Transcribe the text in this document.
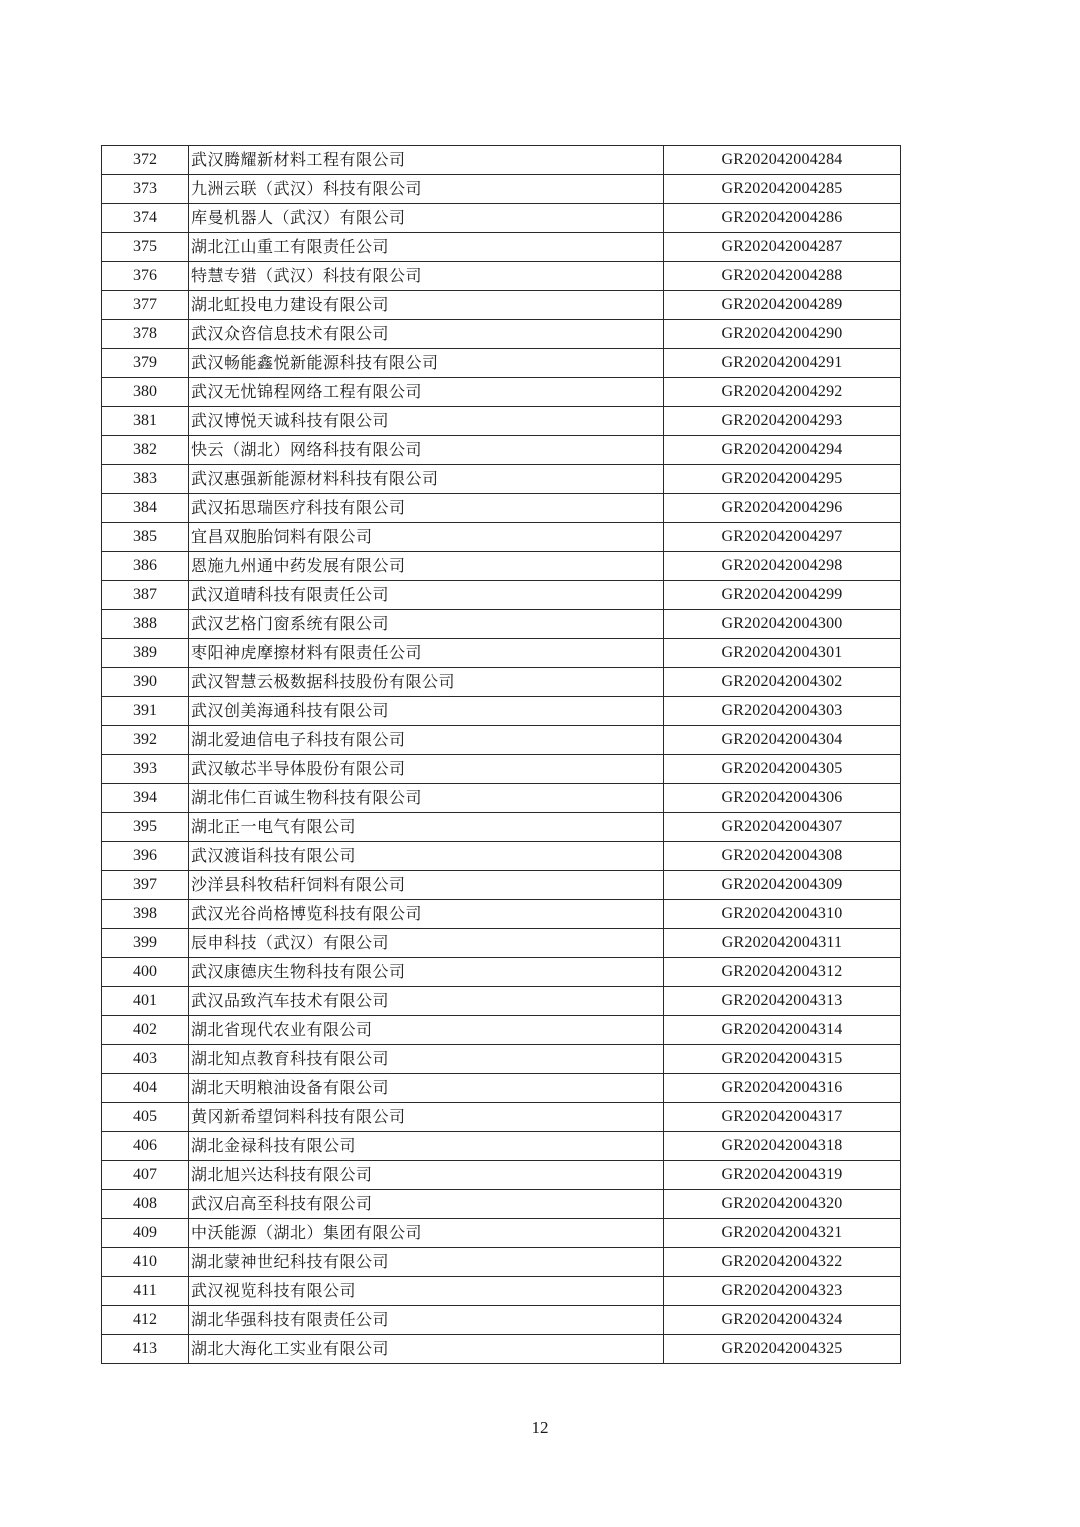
372	武汉腾耀新材料工程有限公司	GR202042004284
373	九洲云联（武汉）科技有限公司	GR202042004285
374	库曼机器人（武汉）有限公司	GR202042004286
375	湖北江山重工有限责任公司	GR202042004287
376	特慧专猎（武汉）科技有限公司	GR202042004288
377	湖北虹投电力建设有限公司	GR202042004289
378	武汉众咨信息技术有限公司	GR202042004290
379	武汉畅能鑫悦新能源科技有限公司	GR202042004291
380	武汉无忧锦程网络工程有限公司	GR202042004292
381	武汉博悦天诚科技有限公司	GR202042004293
382	快云（湖北）网络科技有限公司	GR202042004294
383	武汉惠强新能源材料科技有限公司	GR202042004295
384	武汉拓思瑞医疗科技有限公司	GR202042004296
385	宜昌双胞胎饲料有限公司	GR202042004297
386	恩施九州通中药发展有限公司	GR202042004298
387	武汉道晴科技有限责任公司	GR202042004299
388	武汉艺格门窗系统有限公司	GR202042004300
389	枣阳神虎摩擦材料有限责任公司	GR202042004301
390	武汉智慧云极数据科技股份有限公司	GR202042004302
391	武汉创美海通科技有限公司	GR202042004303
392	湖北爱迪信电子科技有限公司	GR202042004304
393	武汉敏芯半导体股份有限公司	GR202042004305
394	湖北伟仁百诚生物科技有限公司	GR202042004306
395	湖北正一电气有限公司	GR202042004307
396	武汉渡诣科技有限公司	GR202042004308
397	沙洋县科牧秸秆饲料有限公司	GR202042004309
398	武汉光谷尚格博览科技有限公司	GR202042004310
399	辰申科技（武汉）有限公司	GR202042004311
400	武汉康德庆生物科技有限公司	GR202042004312
401	武汉品致汽车技术有限公司	GR202042004313
402	湖北省现代农业有限公司	GR202042004314
403	湖北知点教育科技有限公司	GR202042004315
404	湖北天明粮油设备有限公司	GR202042004316
405	黄冈新希望饲料科技有限公司	GR202042004317
406	湖北金禄科技有限公司	GR202042004318
407	湖北旭兴达科技有限公司	GR202042004319
408	武汉启高至科技有限公司	GR202042004320
409	中沃能源（湖北）集团有限公司	GR202042004321
410	湖北蒙神世纪科技有限公司	GR202042004322
411	武汉视览科技有限公司	GR202042004323
412	湖北华强科技有限责任公司	GR202042004324
413	湖北大海化工实业有限公司	GR202042004325
12
